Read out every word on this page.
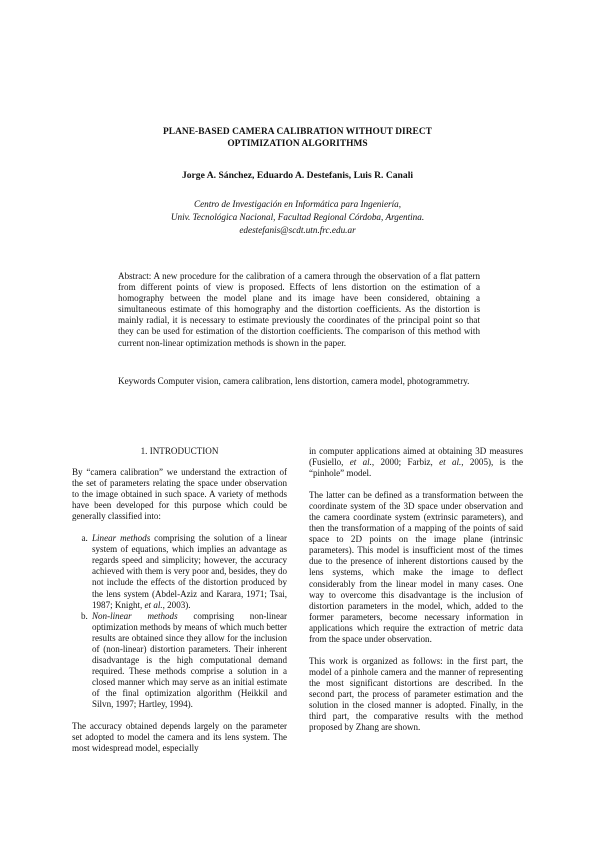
PLANE-BASED CAMERA CALIBRATION WITHOUT DIRECT
OPTIMIZATION ALGORITHMS
Jorge A. Sánchez, Eduardo A. Destefanis, Luis R. Canali
Centro de Investigación en Informática para Ingeniería,
Univ. Tecnológica Nacional, Facultad Regional Córdoba, Argentina.
edestefanis@scdt.utn.frc.edu.ar
Abstract: A new procedure for the calibration of a camera through the observation of a flat pattern from different points of view is proposed. Effects of lens distortion on the estimation of a homography between the model plane and its image have been considered, obtaining a simultaneous estimate of this homography and the distortion coefficients. As the distortion is mainly radial, it is necessary to estimate previously the coordinates of the principal point so that they can be used for estimation of the distortion coefficients. The comparison of this method with current non-linear optimization methods is shown in the paper.
Keywords Computer vision, camera calibration, lens distortion, camera model, photogrammetry.
1. INTRODUCTION

By “camera calibration” we understand the extraction of the set of parameters relating the space under observation to the image obtained in such space. A variety of methods have been developed for this purpose which could be generally classified into:

a. Linear methods comprising the solution of a linear system of equations, which implies an advantage as regards speed and simplicity; however, the accuracy achieved with them is very poor and, besides, they do not include the effects of the distortion produced by the lens system (Abdel-Aziz and Karara, 1971; Tsai, 1987; Knight, et al., 2003).
b. Non-linear methods comprising non-linear optimization methods by means of which much better results are obtained since they allow for the inclusion of (non-linear) distortion parameters. Their inherent disadvantage is the high computational demand required. These methods comprise a solution in a closed manner which may serve as an initial estimate of the final optimization algorithm (Heikkil and Silvn, 1997; Hartley, 1994).

The accuracy obtained depends largely on the parameter set adopted to model the camera and its lens system. The most widespread model, especially

in computer applications aimed at obtaining 3D measures (Fusiello, et al., 2000; Farbiz, et al., 2005), is the “pinhole” model.

The latter can be defined as a transformation between the coordinate system of the 3D space under observation and the camera coordinate system (extrinsic parameters), and then the transformation of a mapping of the points of said space to 2D points on the image plane (intrinsic parameters). This model is insufficient most of the times due to the presence of inherent distortions caused by the lens systems, which make the image to deflect considerably from the linear model in many cases. One way to overcome this disadvantage is the inclusion of distortion parameters in the model, which, added to the former parameters, become necessary information in applications which require the extraction of metric data from the space under observation.

This work is organized as follows: in the first part, the model of a pinhole camera and the manner of representing the most significant distortions are described. In the second part, the process of parameter estimation and the solution in the closed manner is adopted. Finally, in the third part, the comparative results with the method proposed by Zhang are shown.
